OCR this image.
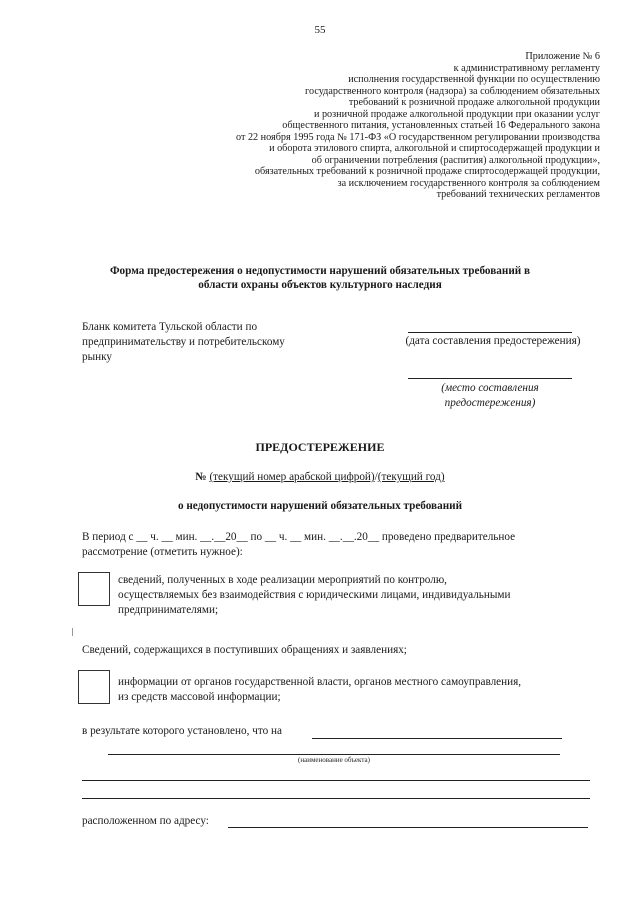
55
Приложение № 6
к административному регламенту
исполнения государственной функции по осуществлению
государственного контроля (надзора) за соблюдением обязательных
требований к розничной продаже алкогольной продукции
и розничной продаже алкогольной продукции при оказании услуг
общественного питания, установленных статьей 16 Федерального закона
от 22 ноября 1995 года № 171-ФЗ «О государственном регулировании производства
и оборота этилового спирта, алкогольной и спиртосодержащей продукции и
об ограничении потребления (распития) алкогольной продукции»,
обязательных требований к розничной продаже спиртосодержащей продукции,
за исключением государственного контроля за соблюдением
требований технических регламентов
Форма предостережения о недопустимости нарушений обязательных требований в
области охраны объектов культурного наследия
Бланк комитета Тульской области по
предпринимательству и потребительскому
рынку
(дата составления предостережения)
(место составления
предостережения)
ПРЕДОСТЕРЕЖЕНИЕ
№ (текущий номер арабской цифрой)/(текущий год)
о недопустимости нарушений обязательных требований
В период с __ ч. __ мин. __.__20__ по __ ч. __ мин. __.__.20__ проведено предварительное
рассмотрение (отметить нужное):
сведений, полученных в ходе реализации мероприятий по контролю,
осуществляемых без взаимодействия с юридическими лицами, индивидуальными
предпринимателями;
Сведений, содержащихся в поступивших обращениях и заявлениях;
информации от органов государственной власти, органов местного самоуправления,
из средств массовой информации;
в результате которого установлено, что на
(наименование объекта)
расположенном по адресу:
